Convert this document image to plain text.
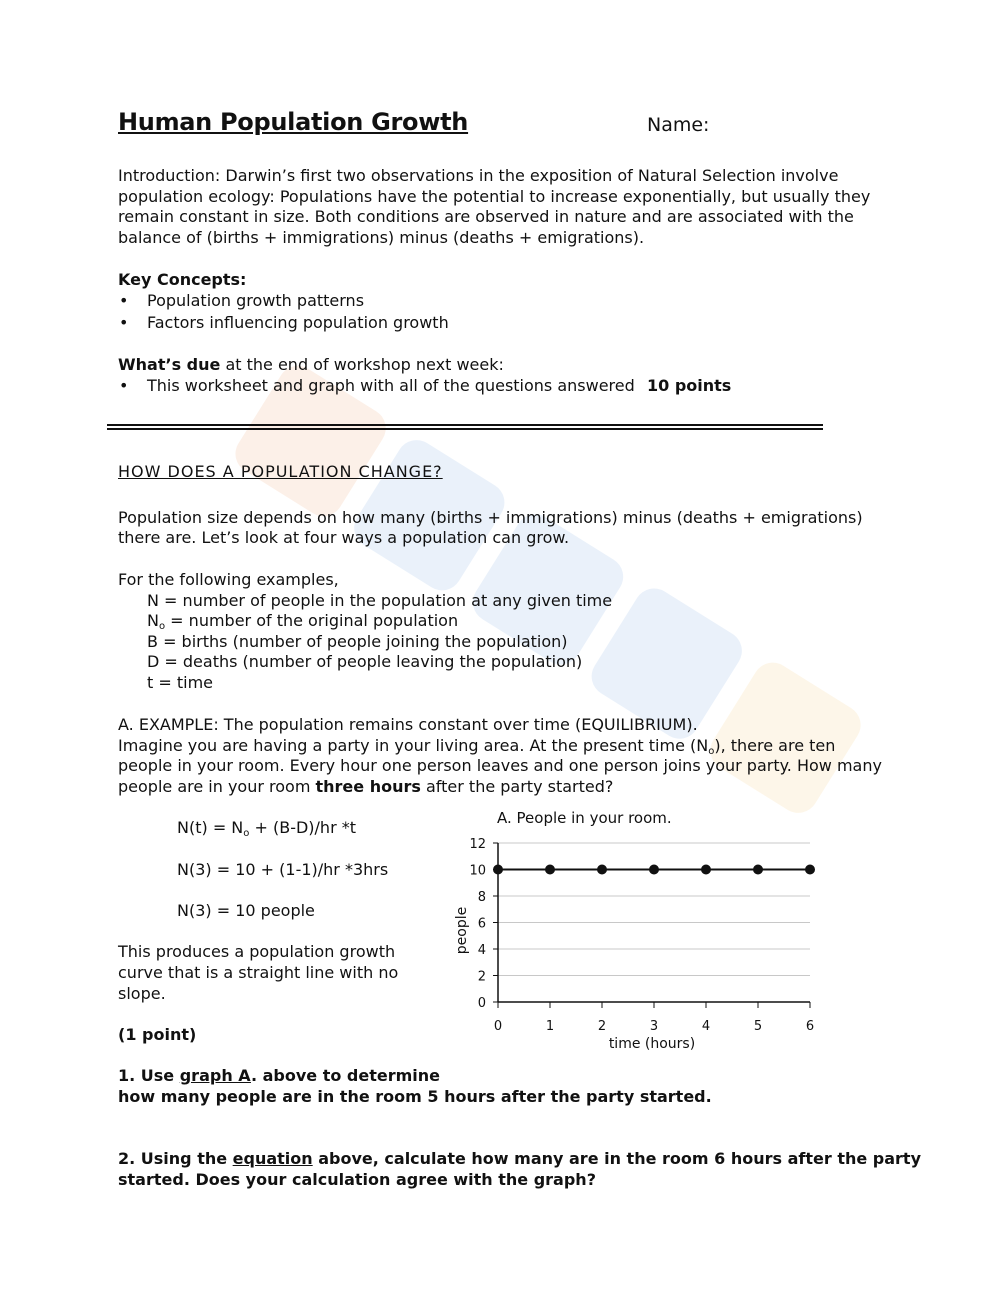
Human Population Growth	Name:
Introduction: Darwin’s first two observations in the exposition of Natural Selection involve
population ecology: Populations have the potential to increase exponentially, but usually they
remain constant in size. Both conditions are observed in nature and are associated with the
balance of (births + immigrations) minus (deaths + emigrations).
Key Concepts:
• Population growth patterns
• Factors influencing population growth
What’s due at the end of workshop next week:
• This worksheet and graph with all of the questions answered 10 points
HOW DOES A POPULATION CHANGE?
Population size depends on how many (births + immigrations) minus (deaths + emigrations)
there are. Let’s look at four ways a population can grow.
For the following examples,
N = number of people in the population at any given time
$N_o$ = number of the original population
B = births (number of people joining the population)
D = deaths (number of people leaving the population)
t = time
A. EXAMPLE: The population remains constant over time (EQUILIBRIUM).
Imagine you are having a party in your living area. At the present time $(N_o)$, there are ten
people in your room. Every hour one person leaves and one person joins your party. How many
people are in your room three hours after the party started?
$N(t) = N_o + (B-D)/hr$ *t
N(3) = 10 + (1-1)/hr *3hrs
N(3) = 10 people
This produces a population growth
curve that is a straight line with no
slope.
(1 point)
A. People in your room.
0
2
4
6
8
10
12
0	1	2	3	4	5	6
time (hours)
people
1. Use graph A. above to determine
how many people are in the room 5 hours after the party started.
2. Using the equation above, calculate how many are in the room 6 hours after the party
started. Does your calculation agree with the graph?
